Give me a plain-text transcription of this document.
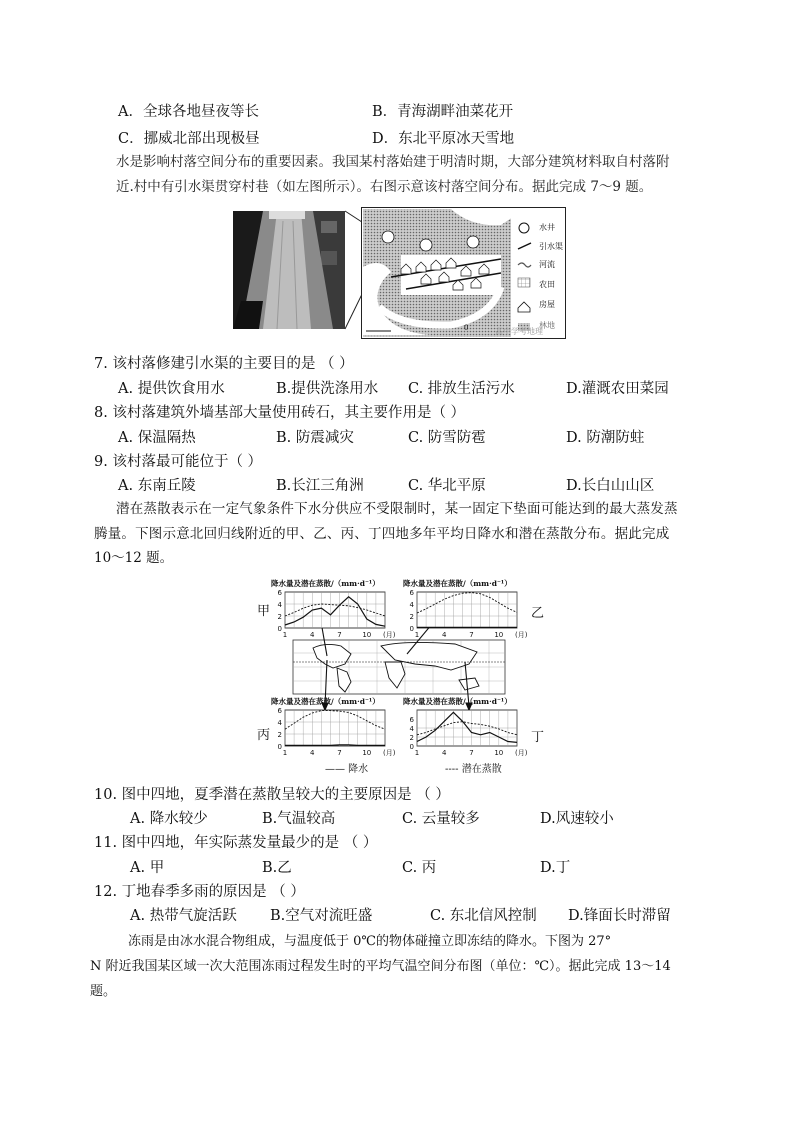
A．全球各地昼夜等长	B．青海湖畔油菜花开
C．挪威北部出现极昼	D．东北平原冰天雪地
水是影响村落空间分布的重要因素。我国某村落始建于明清时期，大部分建筑材料取自村落附近.村中有引水渠贯穿村巷（如左图所示）。右图示意该村落空间分布。据此完成 7～9 题。
水井
引水渠
河流
农田
房屋
林地
0	高中学考地理
7. 该村落修建引水渠的主要目的是 （ ）
A. 提供饮食用水	B.提供洗涤用水 C. 排放生活污水	D.灌溉农田菜园
8. 该村落建筑外墙基部大量使用砖石，其主要作用是（ ）
A. 保温隔热	B. 防震减灾	C. 防雪防雹	D. 防潮防蛀
9. 该村落最可能位于（ ）
A. 东南丘陵	B.长江三角洲	C. 华北平原	D.长白山山区
潜在蒸散表示在一定气象条件下水分供应不受限制时，某一固定下垫面可能达到的最大蒸发蒸
腾量。下图示意北回归线附近的甲、乙、丙、丁四地多年平均日降水和潜在蒸散分布。据此完成
10～12 题。
6
4
2
0
1	4	7	10 (月)
6
4
2
0
1	4	7	10 (月)
6
4
2
0
1	4	7	10 (月)
6
4
2
0
1	4	7	10 (月)
降水量及潜在蒸散/（mm·d⁻¹）	降水量及潜在蒸散/（mm·d⁻¹）
降水量及潜在蒸散/（mm·d⁻¹）	降水量及潜在蒸散/（mm·d⁻¹）
甲	乙
丙	丁
—— 降水	---- 潜在蒸散
10. 图中四地，夏季潜在蒸散呈较大的主要原因是 （ ）
A. 降水较少	B.气温较高	C. 云量较多	D.风速较小
11. 图中四地，年实际蒸发量最少的是 （ ）
A. 甲	B.乙	C. 丙	D.丁
12. 丁地春季多雨的原因是 （ ）
A. 热带气旋活跃 B.空气对流旺盛	C. 东北信风控制 D.锋面长时滞留
冻雨是由冰水混合物组成，与温度低于 0℃的物体碰撞立即冻结的降水。下图为 27°
N 附近我国某区域一次大范围冻雨过程发生时的平均气温空间分布图（单位：℃）。据此完成 13～14
题。
